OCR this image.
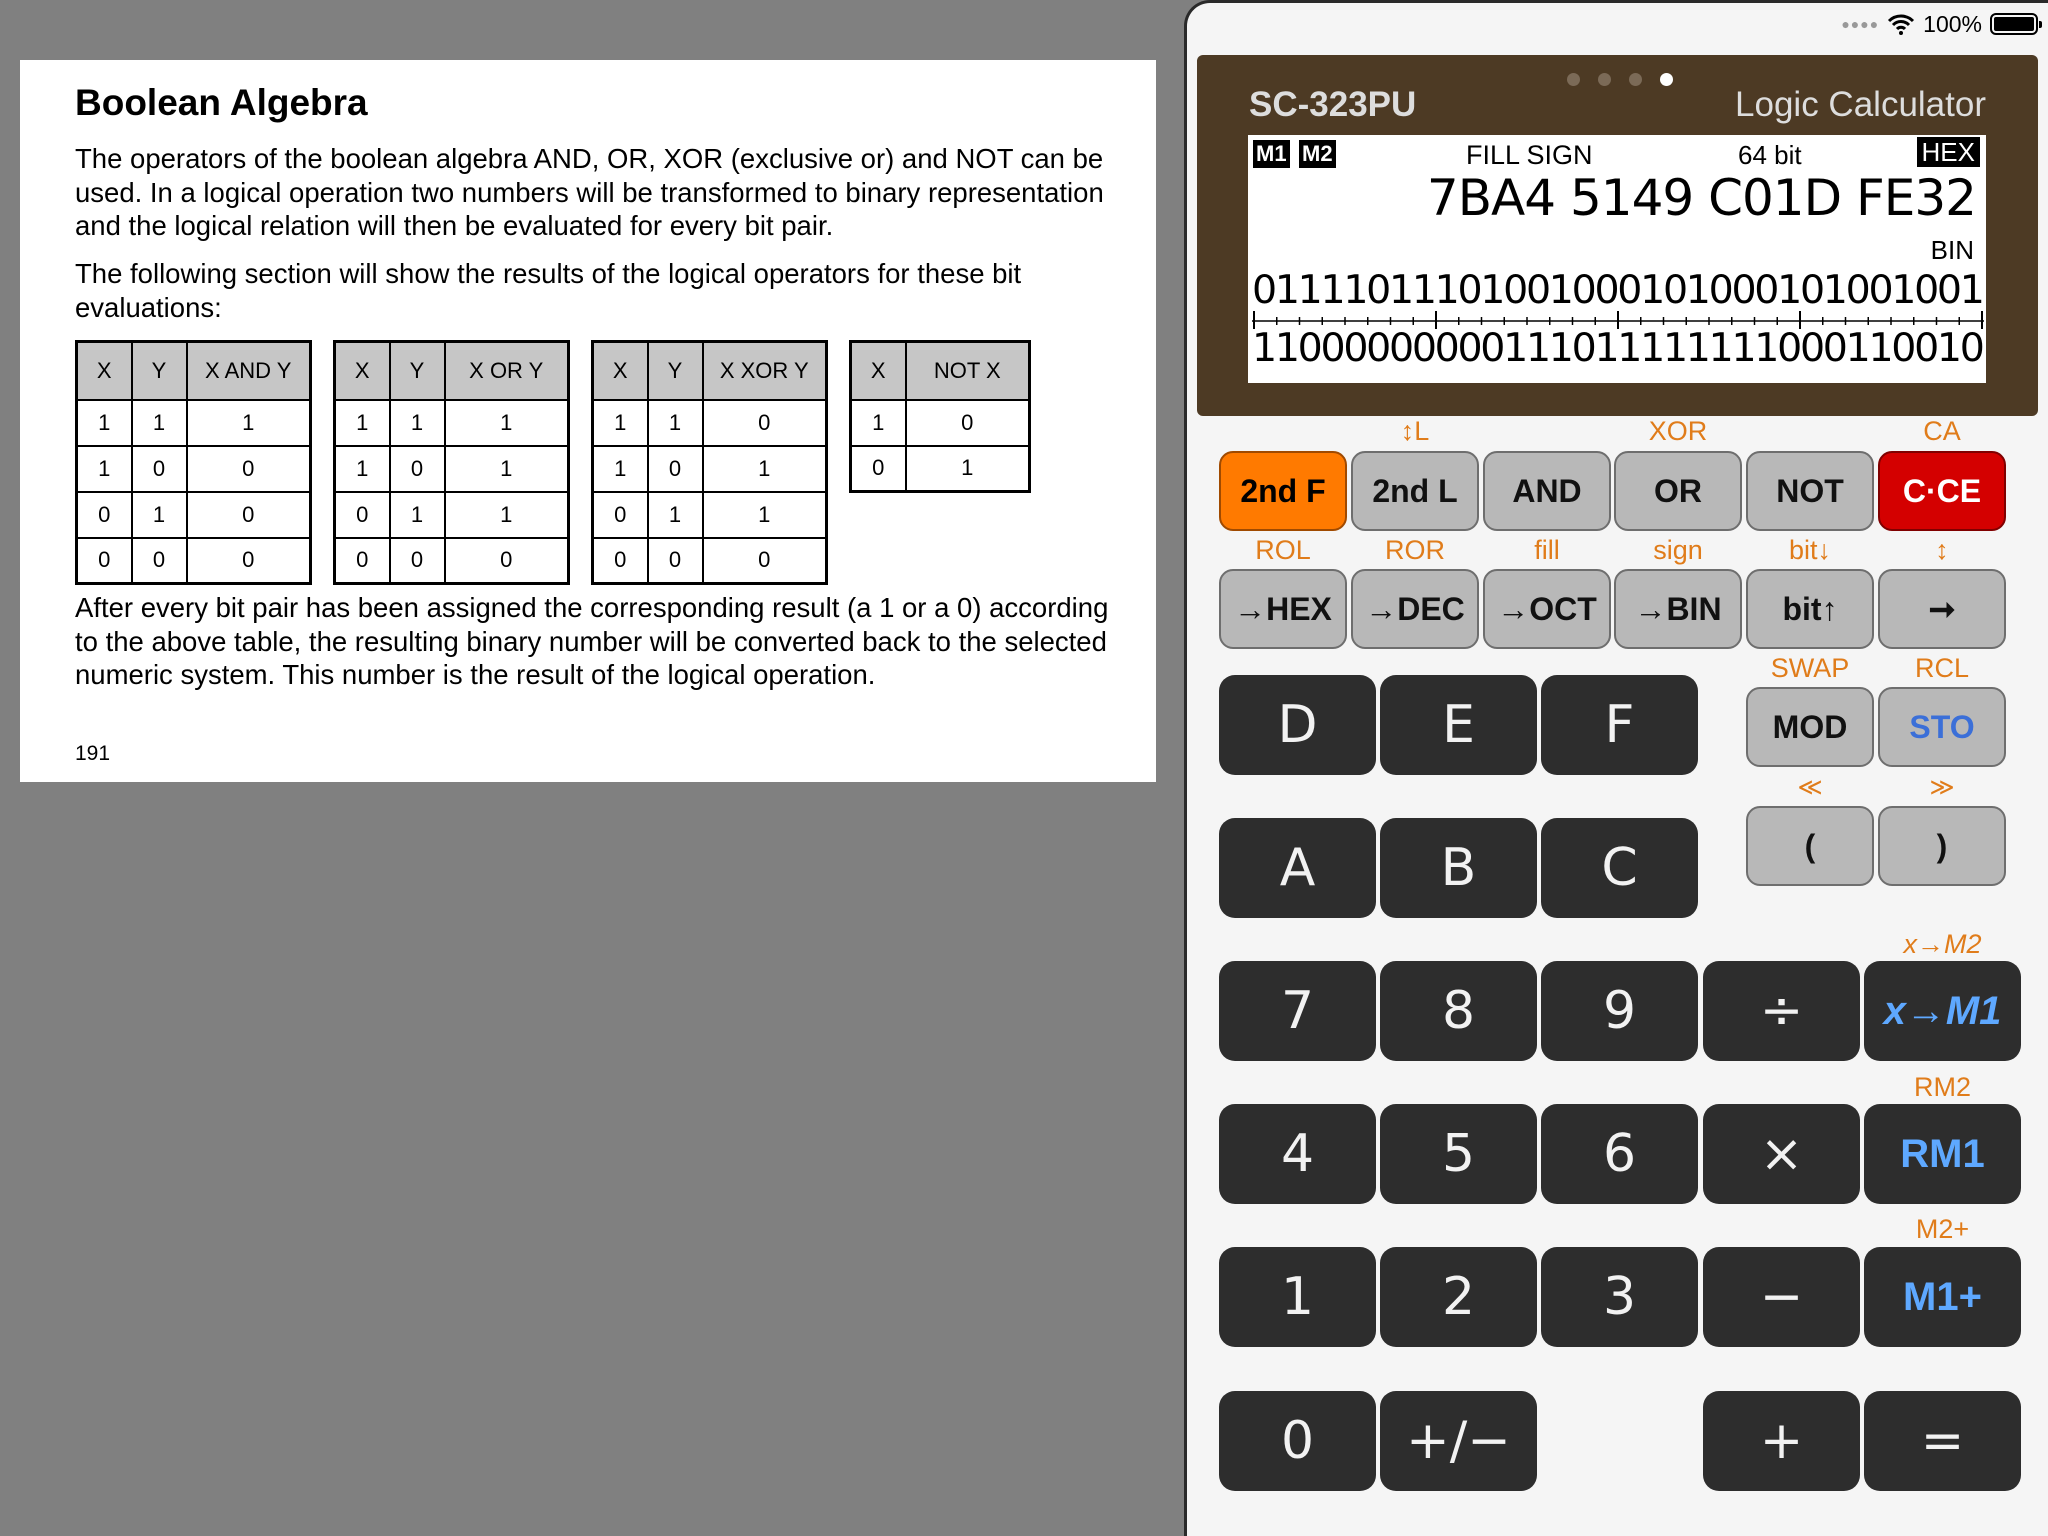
Boolean Algebra
The operators of the boolean algebra AND, OR, XOR (exclusive or) and NOT can be used. In a logical operation two numbers will be transformed to binary representation and the logical relation will then be evaluated for every bit pair.
The following section will show the results of the logical operators for these bit evaluations:
X	Y	X AND Y
1	1	1
1	0	0
0	1	0
0	0	0
X	Y	X OR Y
1	1	1
1	0	1
0	1	1
0	0	0
X	Y	X XOR Y
1	1	0
1	0	1
0	1	1
0	0	0
X	NOT X
1	0
0	1
After every bit pair has been assigned the corresponding result (a 1 or a 0) according to the above table, the resulting binary number will be converted back to the selected numeric system. This number is the result of the logical operation.
191
●●●● 100%
SC-323PU	Logic Calculator
M1 M2	FILL SIGN	64 bit	HEX
7BA4 5149 C01D FE32
BIN
01111011101001000101000101001001
11000000000111011111111000110010
↕L	XOR	CA
2nd F	2nd L	AND	OR	NOT	C·CE
ROL	ROR	fill	sign	bit↓	↕
→HEX	→DEC	→OCT	→BIN	bit↑	➞
D	E	F
SWAP	RCL
MOD	STO
A	B	C
≪	≫
(	)
x→M2
7	8	9	÷	x→M1
RM2
4	5	6	×	RM1
M2+
1	2	3	−	M1+
0	+/−	+	=
